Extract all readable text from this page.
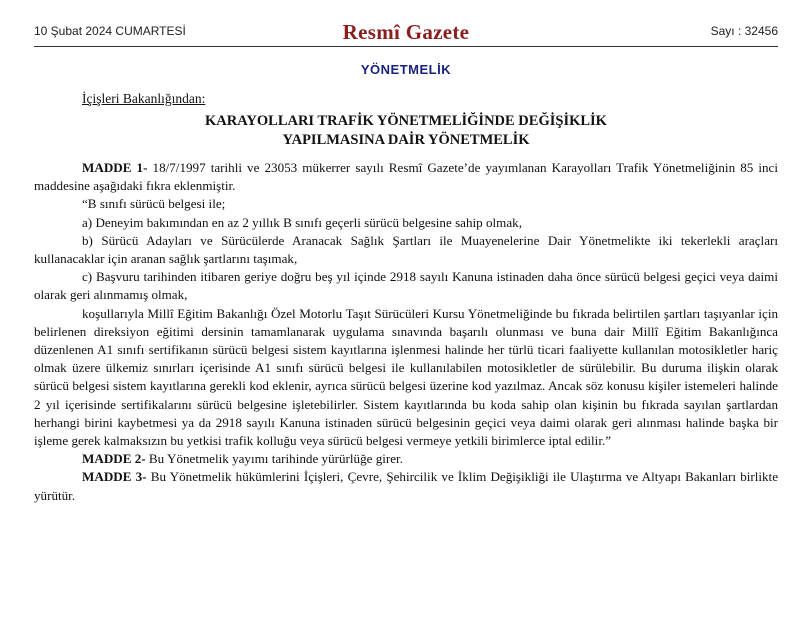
10 Şubat 2024 CUMARTESİ	Resmî Gazete	Sayı : 32456
YÖNETMELİK
İçişleri Bakanlığından:
KARAYOLLARI TRAFİK YÖNETMELİĞİNDE DEĞİŞİKLİK
YAPILMASINA DAİR YÖNETMELİK

MADDE 1- 18/7/1997 tarihli ve 23053 mükerrer sayılı Resmî Gazete’de yayımlanan Karayolları Trafik Yönetmeliğinin 85 inci maddesine aşağıdaki fıkra eklenmiştir.

“B sınıfı sürücü belgesi ile;

a) Deneyim bakımından en az 2 yıllık B sınıfı geçerli sürücü belgesine sahip olmak,

b) Sürücü Adayları ve Sürücülerde Aranacak Sağlık Şartları ile Muayenelerine Dair Yönetmelikte iki tekerlekli araçları kullanacaklar için aranan sağlık şartlarını taşımak,

c) Başvuru tarihinden itibaren geriye doğru beş yıl içinde 2918 sayılı Kanuna istinaden daha önce sürücü belgesi geçici veya daimi olarak geri alınmamış olmak,

koşullarıyla Millî Eğitim Bakanlığı Özel Motorlu Taşıt Sürücüleri Kursu Yönetmeliğinde bu fıkrada belirtilen şartları taşıyanlar için belirlenen direksiyon eğitimi dersinin tamamlanarak uygulama sınavında başarılı olunması ve buna dair Millî Eğitim Bakanlığınca düzenlenen A1 sınıfı sertifikanın sürücü belgesi sistem kayıtlarına işlenmesi halinde her türlü ticari faaliyette kullanılan motosikletler hariç olmak üzere ülkemiz sınırları içerisinde A1 sınıfı sürücü belgesi ile kullanılabilen motosikletler de sürülebilir. Bu duruma ilişkin olarak sürücü belgesi sistem kayıtlarına gerekli kod eklenir, ayrıca sürücü belgesi üzerine kod yazılmaz. Ancak söz konusu kişiler istemeleri halinde 2 yıl içerisinde sertifikalarını sürücü belgesine işletebilirler. Sistem kayıtlarında bu koda sahip olan kişinin bu fıkrada sayılan şartlardan herhangi birini kaybetmesi ya da 2918 sayılı Kanuna istinaden sürücü belgesinin geçici veya daimi olarak geri alınması halinde başka bir işleme gerek kalmaksızın bu yetkisi trafik kolluğu veya sürücü belgesi vermeye yetkili birimlerce iptal edilir.”

MADDE 2- Bu Yönetmelik yayımı tarihinde yürürlüğe girer.

MADDE 3- Bu Yönetmelik hükümlerini İçişleri, Çevre, Şehircilik ve İklim Değişikliği ile Ulaştırma ve Altyapı Bakanları birlikte yürütür.
